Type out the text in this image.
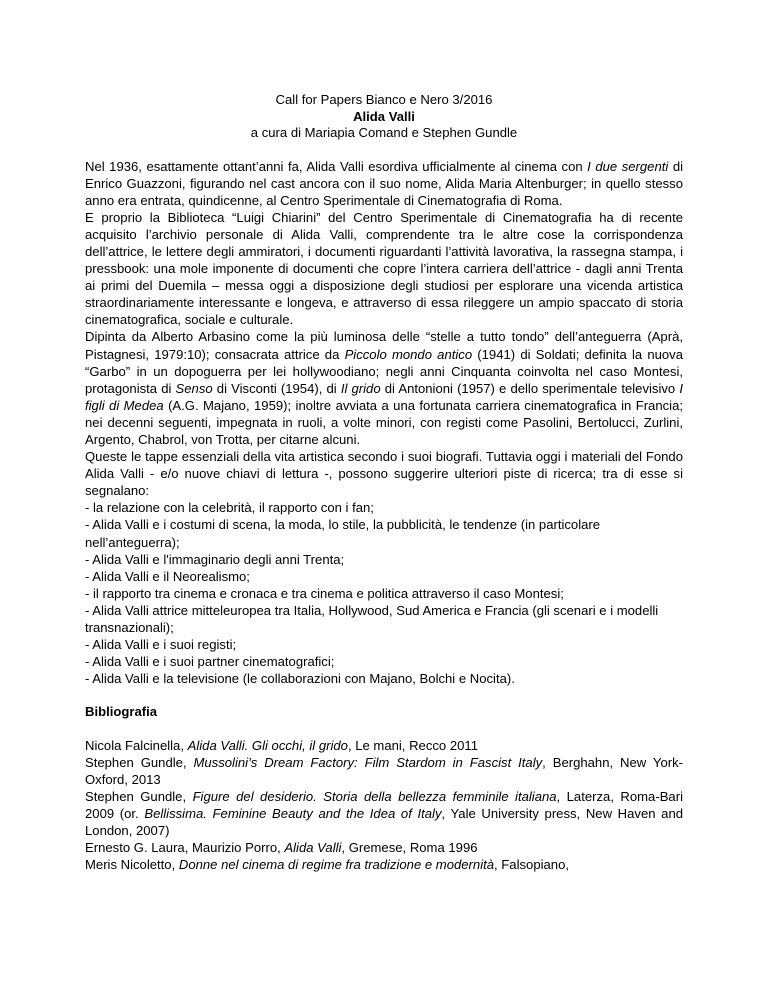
Call for Papers Bianco e Nero 3/2016
Alida Valli
a cura di Mariapia Comand e Stephen Gundle

Nel 1936, esattamente ottant’anni fa, Alida Valli esordiva ufficialmente al cinema con I due sergenti di Enrico Guazzoni, figurando nel cast ancora con il suo nome, Alida Maria Altenburger; in quello stesso anno era entrata, quindicenne, al Centro Sperimentale di Cinematografia di Roma.

E proprio la Biblioteca “Luigi Chiarini” del Centro Sperimentale di Cinematografia ha di recente acquisito l’archivio personale di Alida Valli, comprendente tra le altre cose la corrispondenza dell’attrice, le lettere degli ammiratori, i documenti riguardanti l’attività lavorativa, la rassegna stampa, i pressbook: una mole imponente di documenti che copre l’intera carriera dell’attrice - dagli anni Trenta ai primi del Duemila – messa oggi a disposizione degli studiosi per esplorare una vicenda artistica straordinariamente interessante e longeva, e attraverso di essa rileggere un ampio spaccato di storia cinematografica, sociale e culturale.

Dipinta da Alberto Arbasino come la più luminosa delle “stelle a tutto tondo” dell’anteguerra (Aprà, Pistagnesi, 1979:10); consacrata attrice da Piccolo mondo antico (1941) di Soldati; definita la nuova “Garbo” in un dopoguerra per lei hollywoodiano; negli anni Cinquanta coinvolta nel caso Montesi, protagonista di Senso di Visconti (1954), di Il grido di Antonioni (1957) e dello sperimentale televisivo I figli di Medea (A.G. Majano, 1959); inoltre avviata a una fortunata carriera cinematografica in Francia; nei decenni seguenti, impegnata in ruoli, a volte minori, con registi come Pasolini, Bertolucci, Zurlini, Argento, Chabrol, von Trotta, per citarne alcuni.

Queste le tappe essenziali della vita artistica secondo i suoi biografi. Tuttavia oggi i materiali del Fondo Alida Valli - e/o nuove chiavi di lettura -, possono suggerire ulteriori piste di ricerca; tra di esse si segnalano:

- la relazione con la celebrità, il rapporto con i fan;
- Alida Valli e i costumi di scena, la moda, lo stile, la pubblicità, le tendenze (in particolare nell’anteguerra);
- Alida Valli e l'immaginario degli anni Trenta;
- Alida Valli e il Neorealismo;
- il rapporto tra cinema e cronaca e tra cinema e politica attraverso il caso Montesi;
- Alida Valli attrice mitteleuropea tra Italia, Hollywood, Sud America e Francia (gli scenari e i modelli transnazionali);
- Alida Valli e i suoi registi;
- Alida Valli e i suoi partner cinematografici;
- Alida Valli e la televisione (le collaborazioni con Majano, Bolchi e Nocita).
Bibliografia

Nicola Falcinella, Alida Valli. Gli occhi, il grido, Le mani, Recco 2011

Stephen Gundle, Mussolini’s Dream Factory: Film Stardom in Fascist Italy, Berghahn, New York-Oxford, 2013

Stephen Gundle, Figure del desiderio. Storia della bellezza femminile italiana, Laterza, Roma-Bari 2009 (or. Bellissima. Feminine Beauty and the Idea of Italy, Yale University press, New Haven and London, 2007)

Ernesto G. Laura, Maurizio Porro, Alida Valli, Gremese, Roma 1996

Meris Nicoletto, Donne nel cinema di regime fra tradizione e modernità, Falsopiano,
